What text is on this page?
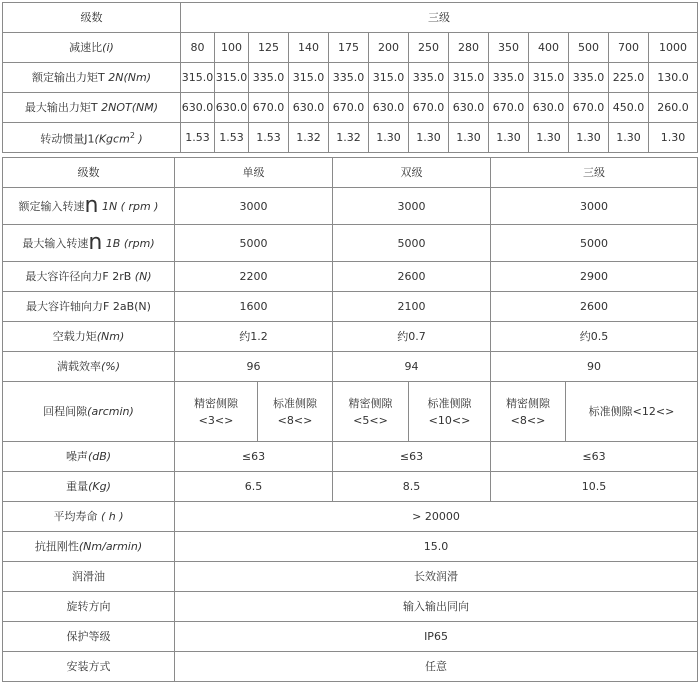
级数	三级												
减速比(i)	80	100	125	140	175	200	250	280	350	400	500	700	1000
额定输出力矩T 2N(Nm)	315.0	315.0	335.0	315.0	335.0	315.0	335.0	315.0	335.0	315.0	335.0	225.0	130.0
最大输出力矩T 2NOT(NM)	630.0	630.0	670.0	630.0	670.0	630.0	670.0	630.0	670.0	630.0	670.0	450.0	260.0
转动惯量J1(Kgcm$^2$ )	1.53	1.53	1.53	1.32	1.32	1.30	1.30	1.30	1.30	1.30	1.30	1.30	1.30
级数	单级		双级		三级	
额定输入转速n 1N ( rpm )	3000		3000		3000	
最大输入转速n 1B (rpm)	5000		5000		5000	
最大容许径向力F 2rB (N)	2200		2600		2900	
最大容许轴向力F 2aB(N)	1600		2100		2600	
空载力矩(Nm)	约1.2		约0.7		约0.5	
满载效率(%)	96		94		90	
回程间隙(arcmin)	精密侧隙<3<>	标准侧隙<8<>	精密侧隙<5<>	标准侧隙<10<>	精密侧隙<8<>	标准侧隙<12<>
噪声(dB)	≤63		≤63		≤63	
重量(Kg)	6.5		8.5		10.5	
平均寿命 ( h )	> 20000					
抗扭刚性(Nm/armin)	15.0					
润滑油	长效润滑					
旋转方向	输入输出同向					
保护等级	IP65					
安装方式	任意					
